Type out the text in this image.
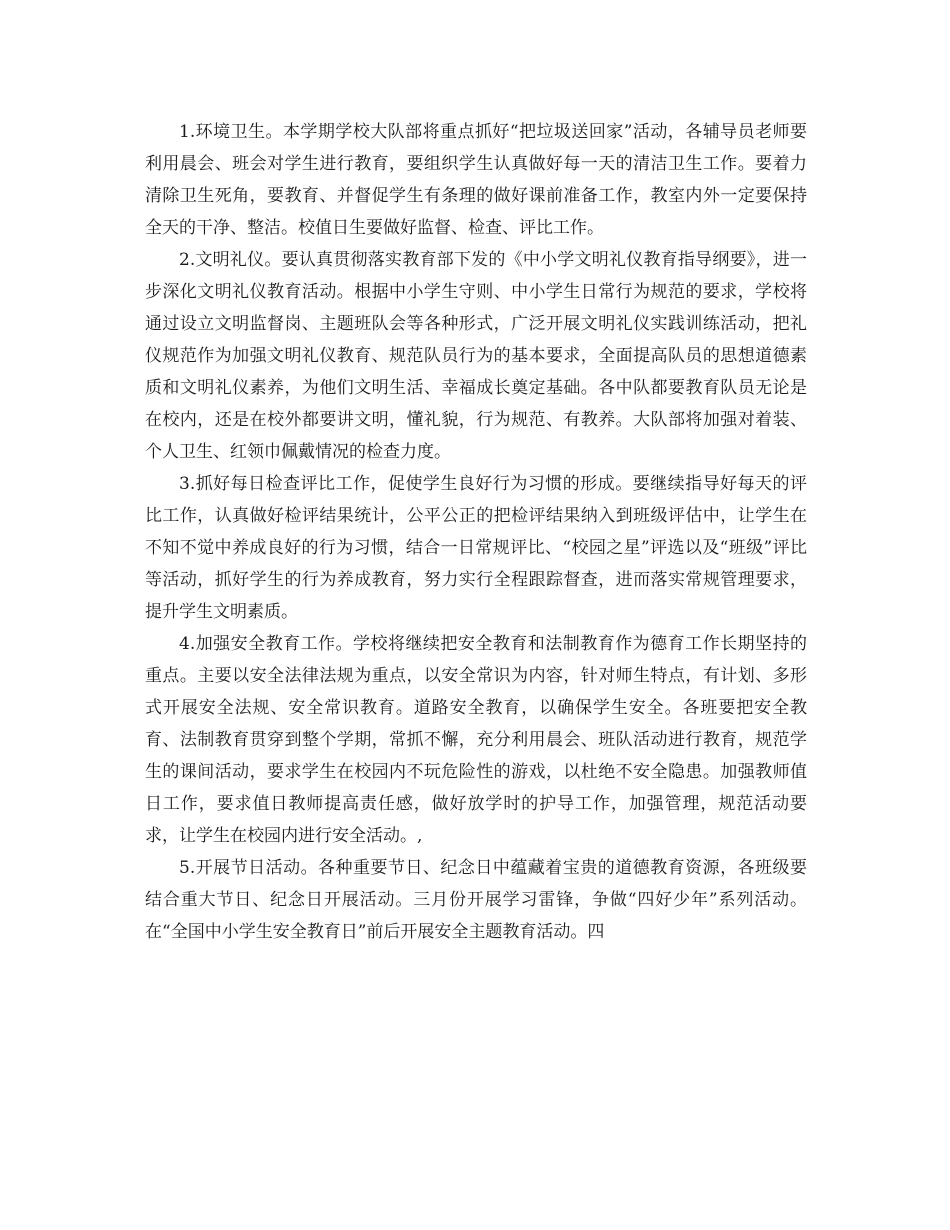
1.环境卫生。本学期学校大队部将重点抓好“把垃圾送回家”活动，各辅导员老师要利用晨会、班会对学生进行教育，要组织学生认真做好每一天的清洁卫生工作。要着力清除卫生死角，要教育、并督促学生有条理的做好课前准备工作，教室内外一定要保持全天的干净、整洁。校值日生要做好监督、检查、评比工作。

2.文明礼仪。要认真贯彻落实教育部下发的《中小学文明礼仪教育指导纲要》，进一步深化文明礼仪教育活动。根据中小学生守则、中小学生日常行为规范的要求，学校将通过设立文明监督岗、主题班队会等各种形式，广泛开展文明礼仪实践训练活动，把礼仪规范作为加强文明礼仪教育、规范队员行为的基本要求，全面提高队员的思想道德素质和文明礼仪素养，为他们文明生活、幸福成长奠定基础。各中队都要教育队员无论是在校内，还是在校外都要讲文明，懂礼貌，行为规范、有教养。大队部将加强对着装、个人卫生、红领巾佩戴情况的检查力度。

3.抓好每日检查评比工作，促使学生良好行为习惯的形成。要继续指导好每天的评比工作，认真做好检评结果统计，公平公正的把检评结果纳入到班级评估中，让学生在不知不觉中养成良好的行为习惯，结合一日常规评比、“校园之星”评选以及“班级”评比等活动，抓好学生的行为养成教育，努力实行全程跟踪督查，进而落实常规管理要求，提升学生文明素质。

4.加强安全教育工作。学校将继续把安全教育和法制教育作为德育工作长期坚持的重点。主要以安全法律法规为重点，以安全常识为内容，针对师生特点，有计划、多形式开展安全法规、安全常识教育。道路安全教育，以确保学生安全。各班要把安全教育、法制教育贯穿到整个学期，常抓不懈，充分利用晨会、班队活动进行教育，规范学生的课间活动，要求学生在校园内不玩危险性的游戏，以杜绝不安全隐患。加强教师值日工作，要求值日教师提高责任感，做好放学时的护导工作，加强管理，规范活动要求，让学生在校园内进行安全活动。,

5.开展节日活动。各种重要节日、纪念日中蕴藏着宝贵的道德教育资源，各班级要结合重大节日、纪念日开展活动。三月份开展学习雷锋，争做“四好少年”系列活动。在“全国中小学生安全教育日”前后开展安全主题教育活动。四
